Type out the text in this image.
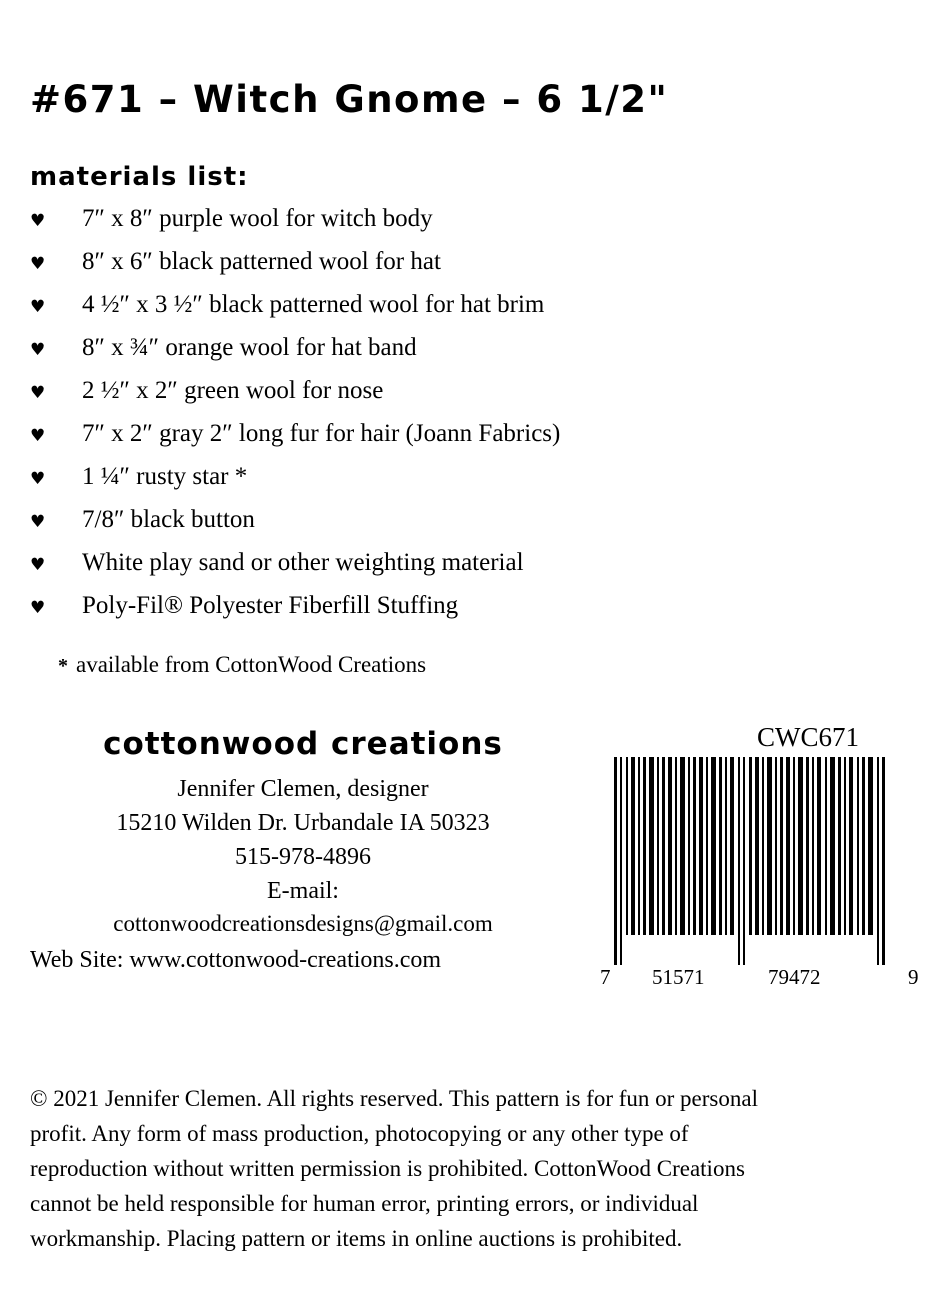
#671 – Witch Gnome – 6 1/2"
materials list:
♥	7″ x 8″ purple wool for witch body
♥	8″ x 6″ black patterned wool for hat
♥	4 ½″ x 3 ½″ black patterned wool for hat brim
♥	8″ x ¾″ orange wool for hat band
♥	2 ½″ x 2″ green wool for nose
♥	7″ x 2″ gray 2″ long fur for hair (Joann Fabrics)
♥	1 ¼″ rusty star *
♥	7/8″ black button
♥	White play sand or other weighting material
♥	Poly-Fil® Polyester Fiberfill Stuffing
* available from CottonWood Creations
cottonwood creations
Jennifer Clemen, designer
15210 Wilden Dr. Urbandale IA 50323
515-978-4896
E-mail:
cottonwoodcreationsdesigns@gmail.com
Web Site: www.cottonwood-creations.com
CWC671
7 51571	79472	9
© 2021 Jennifer Clemen. All rights reserved. This pattern is for fun or personal
profit. Any form of mass production, photocopying or any other type of
reproduction without written permission is prohibited. CottonWood Creations
cannot be held responsible for human error, printing errors, or individual
workmanship. Placing pattern or items in online auctions is prohibited.
